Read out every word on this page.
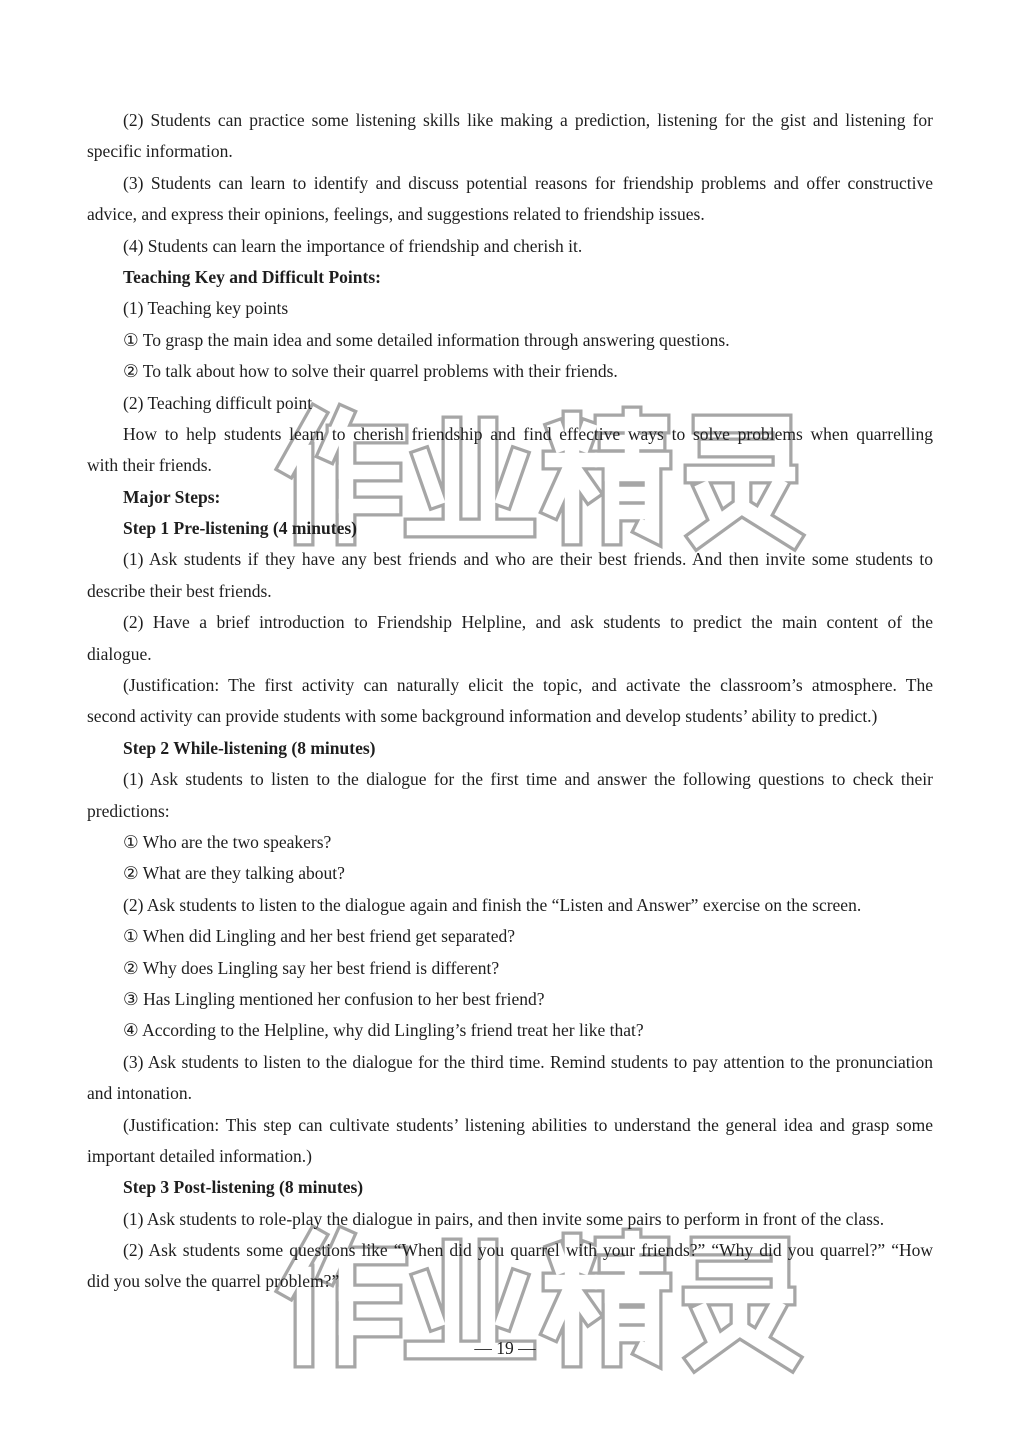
(2) Students can practice some listening skills like making a prediction, listening for the gist and listening for
specific information.
(3) Students can learn to identify and discuss potential reasons for friendship problems and offer constructive
advice, and express their opinions, feelings, and suggestions related to friendship issues.
(4) Students can learn the importance of friendship and cherish it.
Teaching Key and Difficult Points:
(1) Teaching key points
① To grasp the main idea and some detailed information through answering questions.
② To talk about how to solve their quarrel problems with their friends.
(2) Teaching difficult point
How to help students learn to cherish friendship and find effective ways to solve problems when quarrelling
with their friends.
Major Steps:
Step 1 Pre-listening (4 minutes)
(1) Ask students if they have any best friends and who are their best friends. And then invite some students to
describe their best friends.
(2) Have a brief introduction to Friendship Helpline, and ask students to predict the main content of the
dialogue.
(Justification: The first activity can naturally elicit the topic, and activate the classroom’s atmosphere. The
second activity can provide students with some background information and develop students’ ability to predict.)
Step 2 While-listening (8 minutes)
(1) Ask students to listen to the dialogue for the first time and answer the following questions to check their
predictions:
① Who are the two speakers?
② What are they talking about?
(2) Ask students to listen to the dialogue again and finish the “Listen and Answer” exercise on the screen.
① When did Lingling and her best friend get separated?
② Why does Lingling say her best friend is different?
③ Has Lingling mentioned her confusion to her best friend?
④ According to the Helpline, why did Lingling’s friend treat her like that?
(3) Ask students to listen to the dialogue for the third time. Remind students to pay attention to the pronunciation
and intonation.
(Justification: This step can cultivate students’ listening abilities to understand the general idea and grasp some
important detailed information.)
Step 3 Post-listening (8 minutes)
(1) Ask students to role-play the dialogue in pairs, and then invite some pairs to perform in front of the class.
(2) Ask students some questions like “When did you quarrel with your friends?” “Why did you quarrel?” “How
did you solve the quarrel problem?”
— 19 —
